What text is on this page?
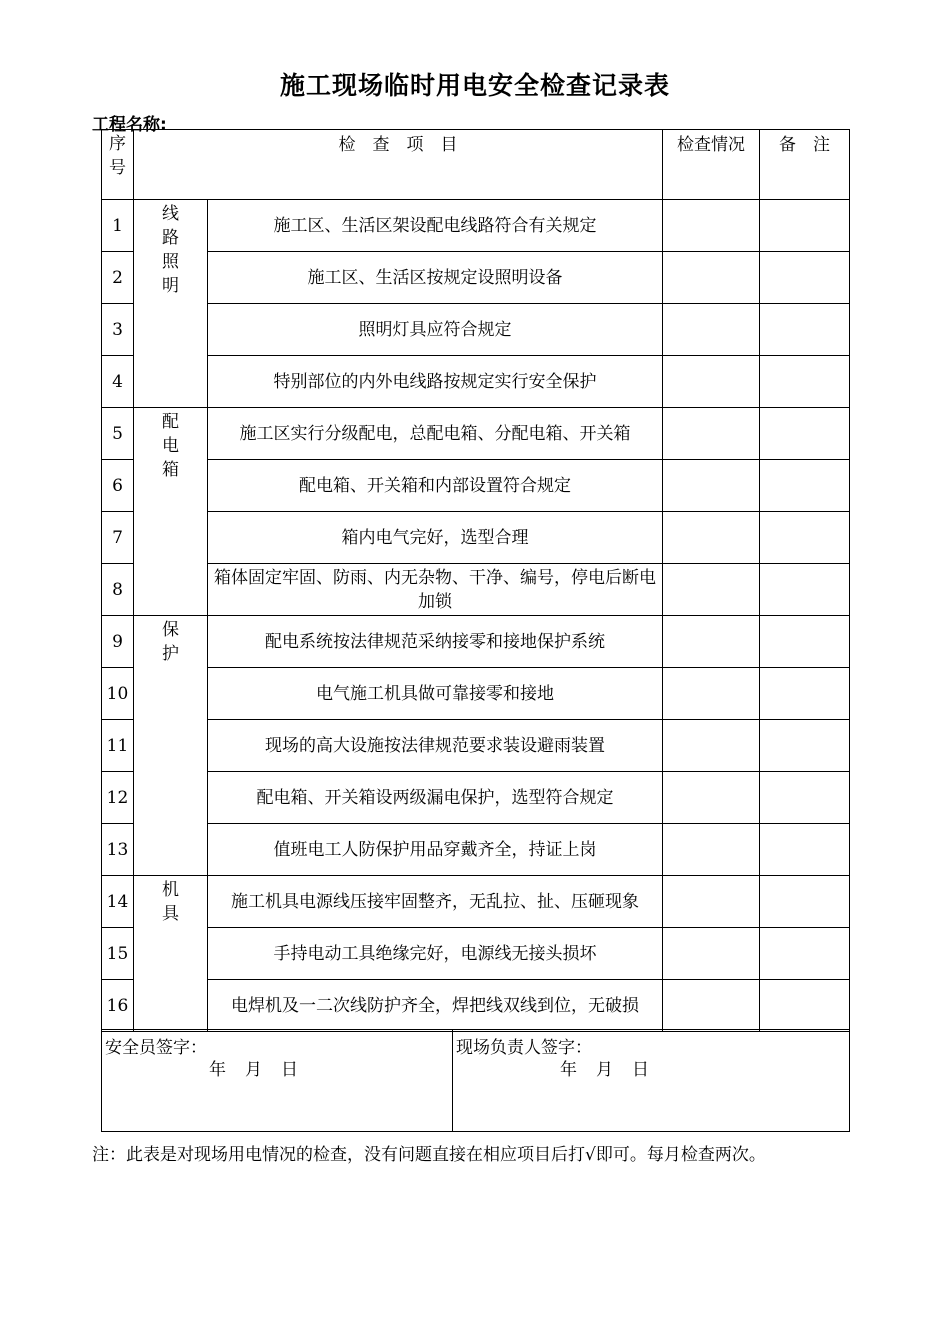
施工现场临时用电安全检查记录表
工程名称:
序号	检　查　项　目		检查情况	备　注
1	线路照明	施工区、生活区架设配电线路符合有关规定		
2		施工区、生活区按规定设照明设备		
3		照明灯具应符合规定		
4		特别部位的内外电线路按规定实行安全保护		
5	配电箱	施工区实行分级配电，总配电箱、分配电箱、开关箱		
6		配电箱、开关箱和内部设置符合规定		
7		箱内电气完好，选型合理		
8		箱体固定牢固、防雨、内无杂物、干净、编号，停电后断电加锁		
9	保护	配电系统按法律规范采纳接零和接地保护系统		
10		电气施工机具做可靠接零和接地		
11		现场的高大设施按法律规范要求装设避雨装置		
12		配电箱、开关箱设两级漏电保护，选型符合规定		
13		值班电工人防保护用品穿戴齐全，持证上岗		
14	机具	施工机具电源线压接牢固整齐，无乱拉、扯、压砸现象		
15		手持电动工具绝缘完好，电源线无接头损坏		
16		电焊机及一二次线防护齐全，焊把线双线到位，无破损		
安全员签字：
年　月　日

现场负责人签字：
年　月　日
注：此表是对现场用电情况的检查，没有问题直接在相应项目后打√即可。每月检查两次。
